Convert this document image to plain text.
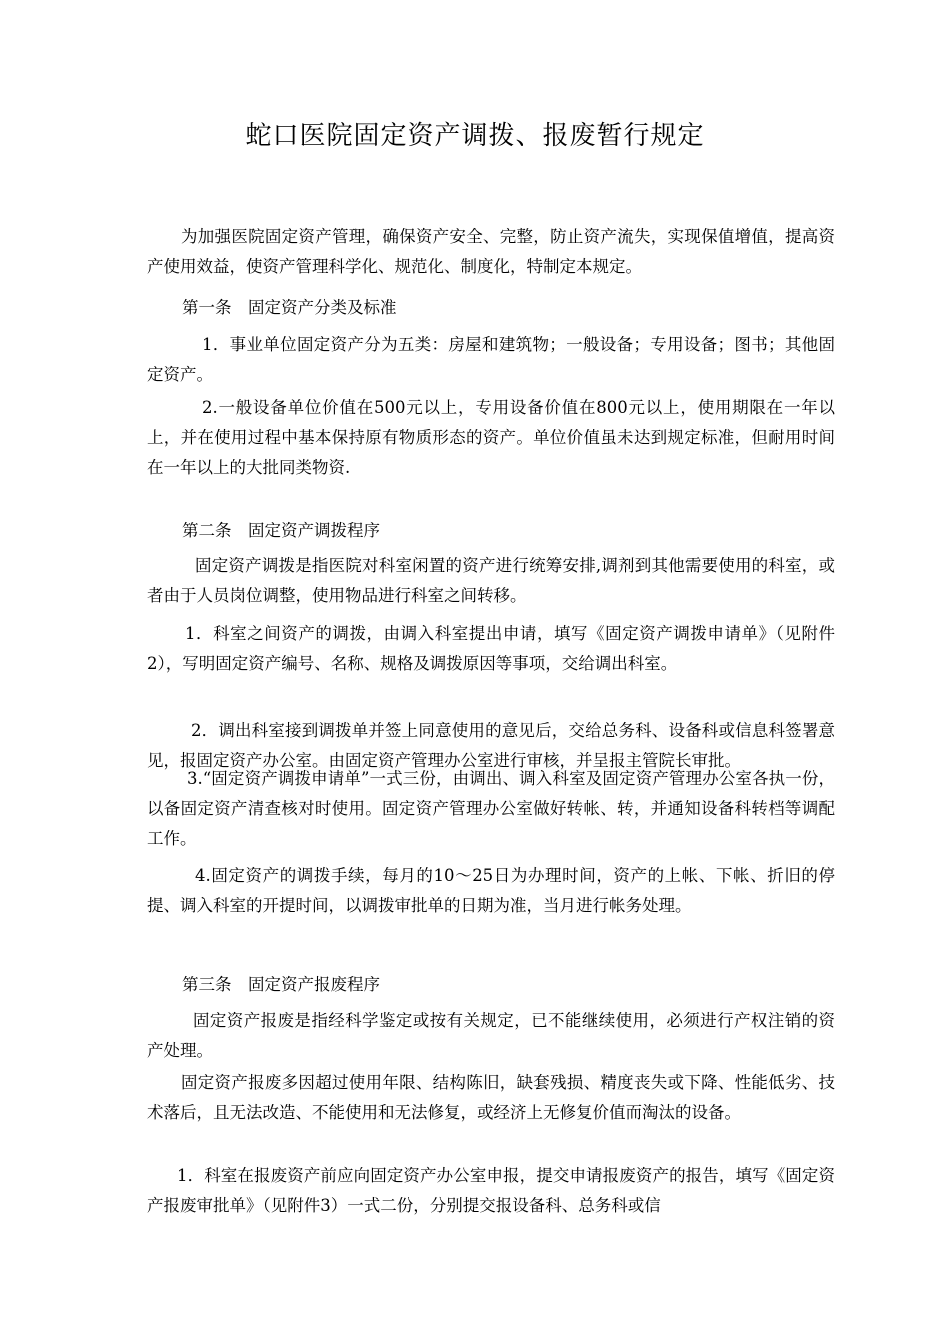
蛇口医院固定资产调拨、报废暂行规定

为加强医院固定资产管理，确保资产安全、完整，防止资产流失，实现保值增值，提高资产使用效益，使资产管理科学化、规范化、制度化，特制定本规定。

第一条　固定资产分类及标准

1．事业单位固定资产分为五类：房屋和建筑物；一般设备；专用设备；图书；其他固定资产。

2.一般设备单位价值在500元以上，专用设备价值在800元以上，使用期限在一年以上，并在使用过程中基本保持原有物质形态的资产。单位价值虽未达到规定标准，但耐用时间在一年以上的大批同类物资.

第二条　固定资产调拨程序

固定资产调拨是指医院对科室闲置的资产进行统筹安排,调剂到其他需要使用的科室，或者由于人员岗位调整，使用物品进行科室之间转移。

1．科室之间资产的调拨，由调入科室提出申请，填写《固定资产调拨申请单》（见附件2），写明固定资产编号、名称、规格及调拨原因等事项，交给调出科室。

2．调出科室接到调拨单并签上同意使用的意见后，交给总务科、设备科或信息科签署意见，报固定资产办公室。由固定资产管理办公室进行审核，并呈报主管院长审批。

3.“固定资产调拨申请单”一式三份，由调出、调入科室及固定资产管理办公室各执一份，以备固定资产清查核对时使用。固定资产管理办公室做好转帐、转，并通知设备科转档等调配工作。

4.固定资产的调拨手续，每月的10～25日为办理时间，资产的上帐、下帐、折旧的停提、调入科室的开提时间，以调拨审批单的日期为准，当月进行帐务处理。

第三条　固定资产报废程序

固定资产报废是指经科学鉴定或按有关规定，已不能继续使用，必须进行产权注销的资产处理。

固定资产报废多因超过使用年限、结构陈旧，缺套残损、精度丧失或下降、性能低劣、技术落后，且无法改造、不能使用和无法修复，或经济上无修复价值而淘汰的设备。

1．科室在报废资产前应向固定资产办公室申报，提交申请报废资产的报告，填写《固定资产报废审批单》（见附件3）一式二份，分别提交报设备科、总务科或信
